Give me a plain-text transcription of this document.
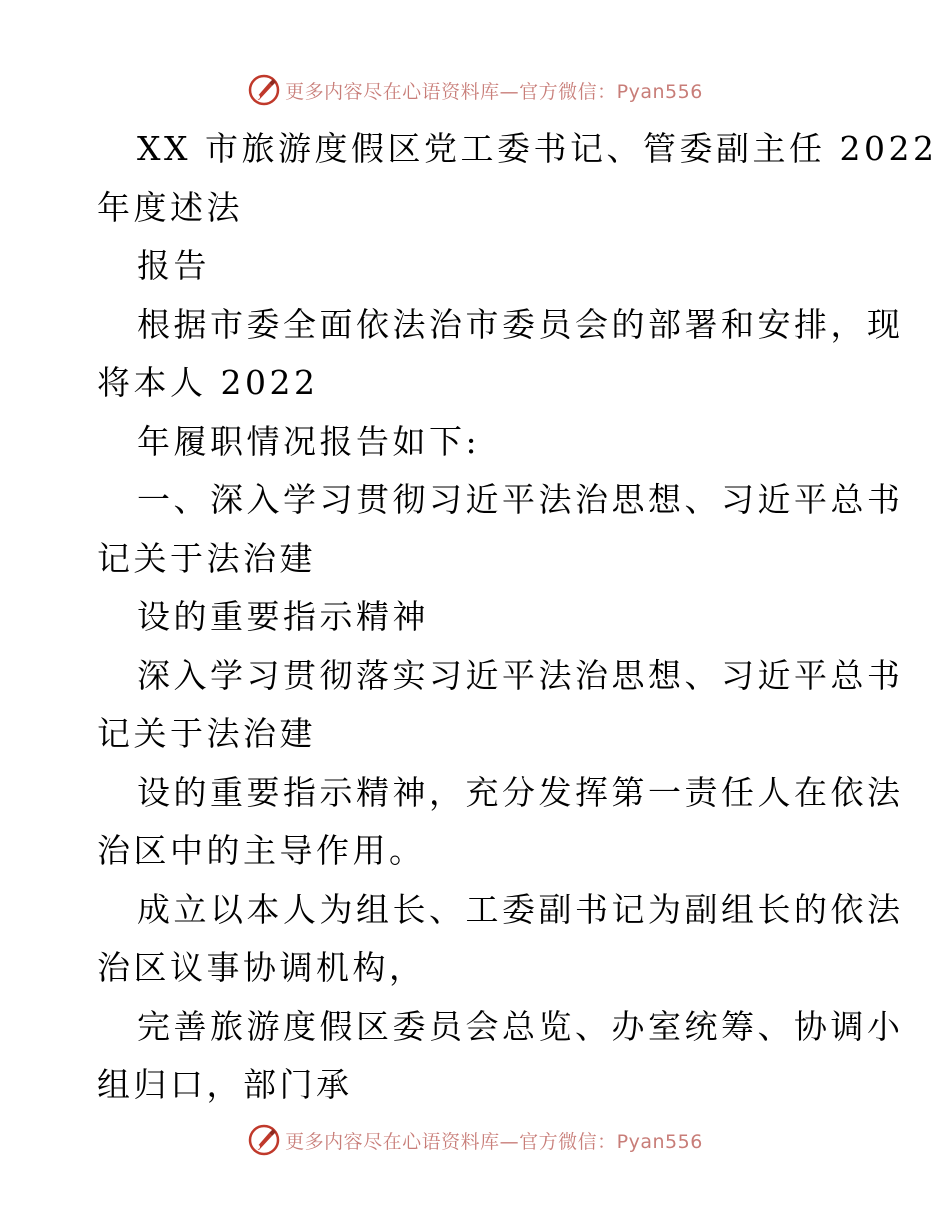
更多内容尽在心语资料库—官方微信：Pyan556
XX 市旅游度假区党工委书记、管委副主任 2022
年度述法
报告
根据市委全面依法治市委员会的部署和安排，现
将本人 2022
年履职情况报告如下:
一、深入学习贯彻习近平法治思想、习近平总书
记关于法治建
设的重要指示精神
深入学习贯彻落实习近平法治思想、习近平总书
记关于法治建
设的重要指示精神，充分发挥第一责任人在依法
治区中的主导作用。
成立以本人为组长、工委副书记为副组长的依法
治区议事协调机构，
完善旅游度假区委员会总览、办室统筹、协调小
组归口，部门承
更多内容尽在心语资料库—官方微信：Pyan556
